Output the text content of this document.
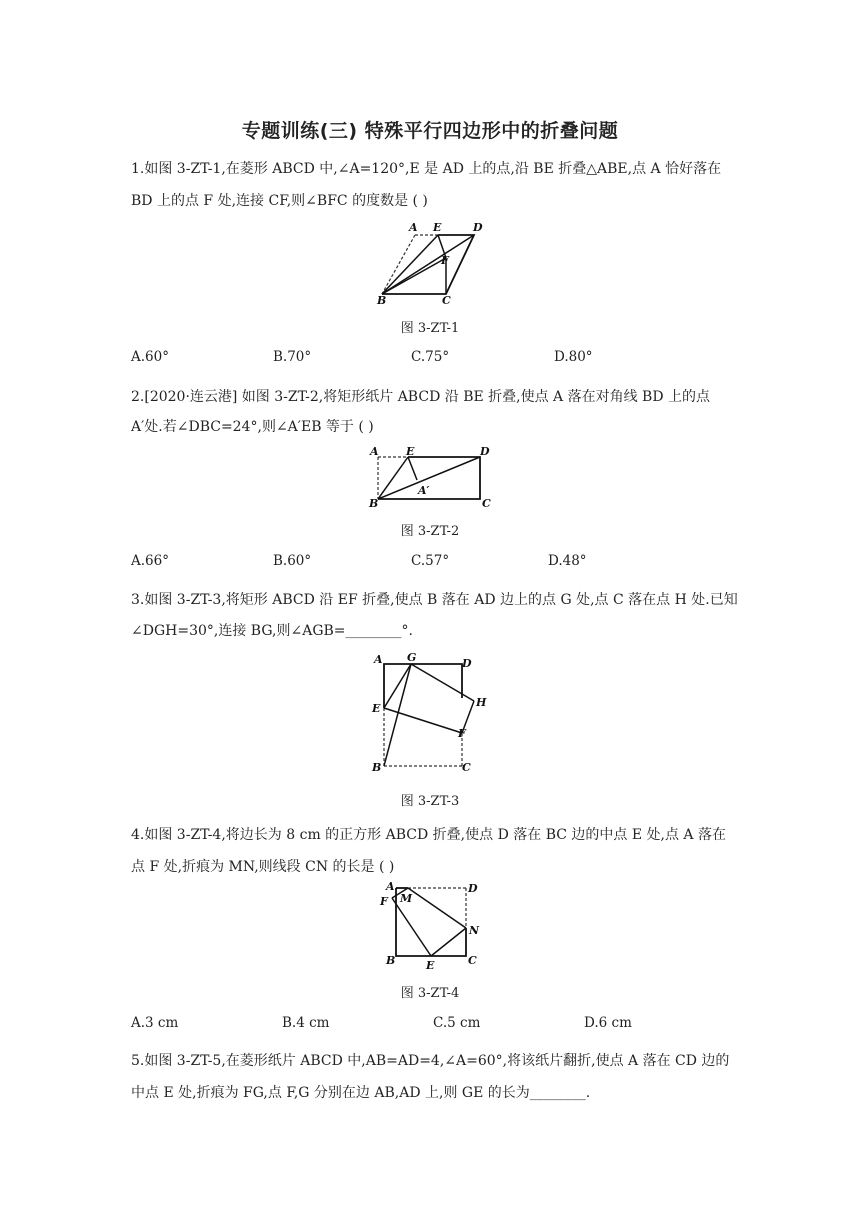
专题训练(三) 特殊平行四边形中的折叠问题
1.如图 3-ZT-1,在菱形 ABCD 中,∠A=120°,E 是 AD 上的点,沿 BE 折叠△ABE,点 A 恰好落在
BD 上的点 F 处,连接 CF,则∠BFC 的度数是 ( )
A E	D
F
B	C
图 3-ZT-1
A.60°	B.70°	C.75°	D.80°
2.[2020·连云港] 如图 3-ZT-2,将矩形纸片 ABCD 沿 BE 折叠,使点 A 落在对角线 BD 上的点
A′处.若∠DBC=24°,则∠A′EB 等于 ( )
A E	D
A′
B	C
图 3-ZT-2
A.66°	B.60°	C.57°	D.48°
3.如图 3-ZT-3,将矩形 ABCD 沿 EF 折叠,使点 B 落在 AD 边上的点 G 处,点 C 落在点 H 处.已知
∠DGH=30°,连接 BG,则∠AGB=________°.
A G	D
H
E
F
B	C
图 3-ZT-3
4.如图 3-ZT-4,将边长为 8 cm 的正方形 ABCD 折叠,使点 D 落在 BC 边的中点 E 处,点 A 落在
点 F 处,折痕为 MN,则线段 CN 的长是 ( )
A
M
D
F
N
B	E	C
图 3-ZT-4
A.3 cm	B.4 cm	C.5 cm	D.6 cm
5.如图 3-ZT-5,在菱形纸片 ABCD 中,AB=AD=4,∠A=60°,将该纸片翻折,使点 A 落在 CD 边的
中点 E 处,折痕为 FG,点 F,G 分别在边 AB,AD 上,则 GE 的长为________.
